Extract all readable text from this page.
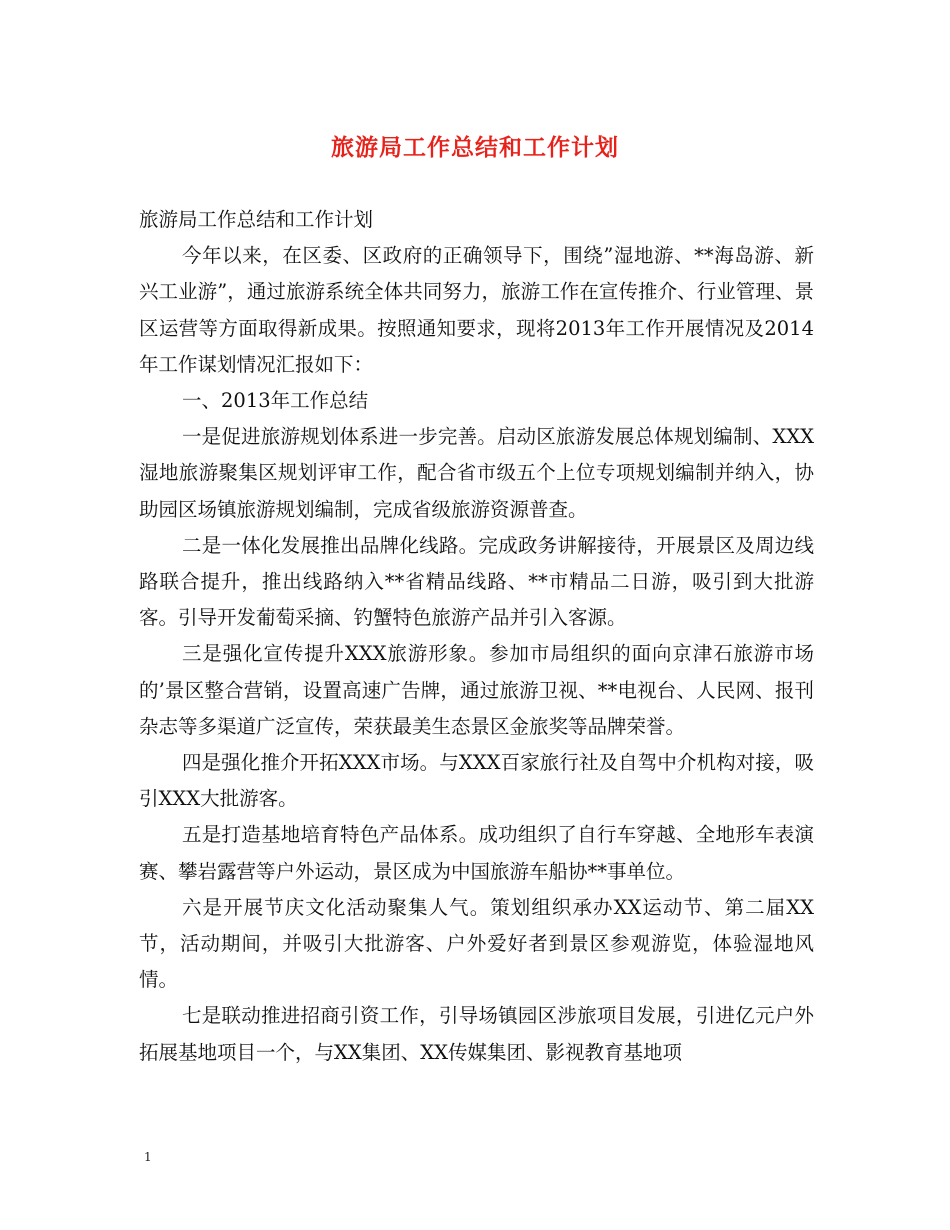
旅游局工作总结和工作计划

旅游局工作总结和工作计划

今年以来，在区委、区政府的正确领导下，围绕”湿地游、**海岛游、新兴工业游”，通过旅游系统全体共同努力，旅游工作在宣传推介、行业管理、景区运营等方面取得新成果。按照通知要求，现将2013年工作开展情况及2014年工作谋划情况汇报如下：

一、2013年工作总结

一是促进旅游规划体系进一步完善。启动区旅游发展总体规划编制、XXX湿地旅游聚集区规划评审工作，配合省市级五个上位专项规划编制并纳入，协助园区场镇旅游规划编制，完成省级旅游资源普查。

二是一体化发展推出品牌化线路。完成政务讲解接待，开展景区及周边线路联合提升，推出线路纳入**省精品线路、**市精品二日游，吸引到大批游客。引导开发葡萄采摘、钓蟹特色旅游产品并引入客源。

三是强化宣传提升XXX旅游形象。参加市局组织的面向京津石旅游市场的’景区整合营销，设置高速广告牌，通过旅游卫视、**电视台、人民网、报刊杂志等多渠道广泛宣传，荣获最美生态景区金旅奖等品牌荣誉。

四是强化推介开拓XXX市场。与XXX百家旅行社及自驾中介机构对接，吸引XXX大批游客。

五是打造基地培育特色产品体系。成功组织了自行车穿越、全地形车表演赛、攀岩露营等户外运动，景区成为中国旅游车船协**事单位。

六是开展节庆文化活动聚集人气。策划组织承办XX运动节、第二届XX节，活动期间，并吸引大批游客、户外爱好者到景区参观游览，体验湿地风情。

七是联动推进招商引资工作，引导场镇园区涉旅项目发展，引进亿元户外拓展基地项目一个，与XX集团、XX传媒集团、影视教育基地项

1
